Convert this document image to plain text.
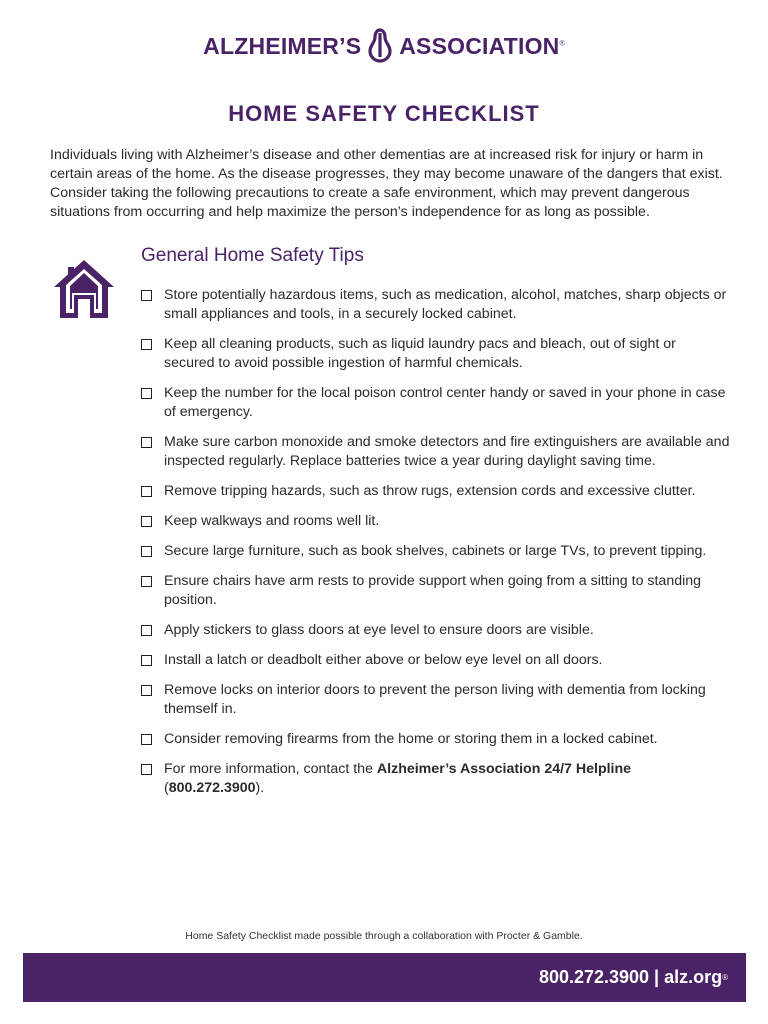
ALZHEIMER’S ASSOCIATION®
HOME SAFETY CHECKLIST
Individuals living with Alzheimer’s disease and other dementias are at increased risk for injury or harm in certain areas of the home. As the disease progresses, they may become unaware of the dangers that exist. Consider taking the following precautions to create a safe environment, which may prevent dangerous situations from occurring and help maximize the person’s independence for as long as possible.
General Home Safety Tips
Store potentially hazardous items, such as medication, alcohol, matches, sharp objects or small appliances and tools, in a securely locked cabinet.
Keep all cleaning products, such as liquid laundry pacs and bleach, out of sight or secured to avoid possible ingestion of harmful chemicals.
Keep the number for the local poison control center handy or saved in your phone in case of emergency.
Make sure carbon monoxide and smoke detectors and fire extinguishers are available and inspected regularly. Replace batteries twice a year during daylight saving time.
Remove tripping hazards, such as throw rugs, extension cords and excessive clutter.
Keep walkways and rooms well lit.
Secure large furniture, such as book shelves, cabinets or large TVs, to prevent tipping.
Ensure chairs have arm rests to provide support when going from a sitting to standing position.
Apply stickers to glass doors at eye level to ensure doors are visible.
Install a latch or deadbolt either above or below eye level on all doors.
Remove locks on interior doors to prevent the person living with dementia from locking themself in.
Consider removing firearms from the home or storing them in a locked cabinet.
For more information, contact the Alzheimer’s Association 24/7 Helpline (800.272.3900).
Home Safety Checklist made possible through a collaboration with Procter & Gamble.
800.272.3900 | alz.org ®
